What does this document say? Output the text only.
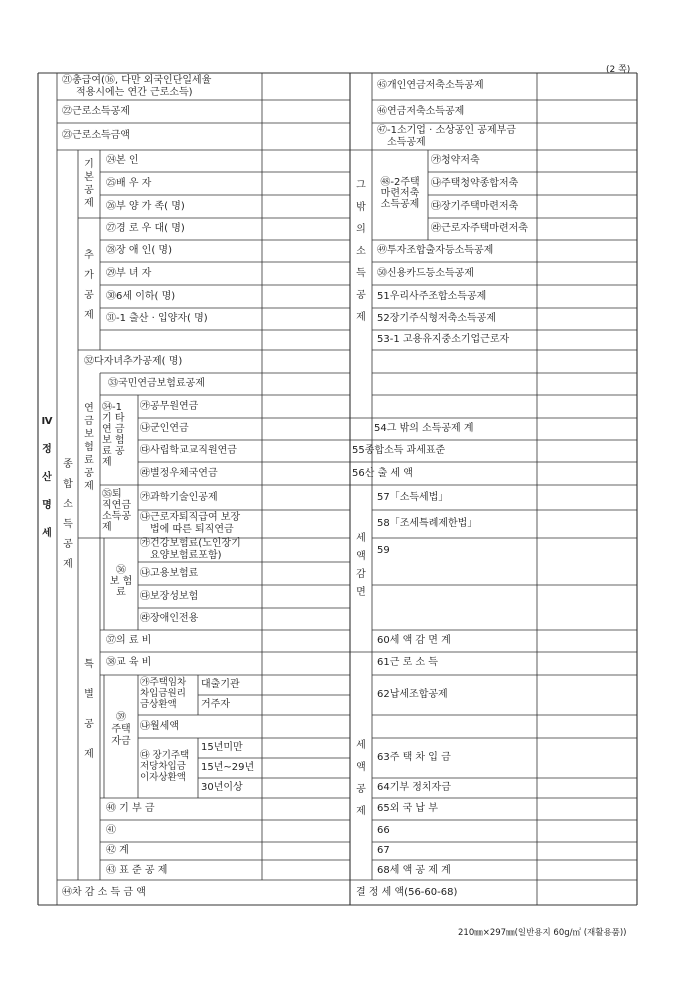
(2 쪽)
210㎜×297㎜(일반용지 60g/㎡ (재활용품))
Ⅳ
정
산
명
세
㉑총급여(⑯, 다만 외국인단일세율
적용시에는 연간 근로소득)
㉒근로소득공제
㉓근로소득금액
종
합
소
득
공
제
기
본
공
제
㉔본 인
㉕배 우 자
㉖부 양 가 족( 명)
추
가
공
제
㉗경 로 우 대( 명)
㉘장 애 인( 명)
㉙부 녀 자
㉚6세 이하( 명)
㉛-1 출산 · 입양자( 명)
㉜다자녀추가공제( 명)
연
금
보
험
료
공
제
㉝국민연금보험료공제
㉞-1
기 타
연 금
보 험
료 공
제
㉮공무원연금
㉯군인연금
㉰사립학교교직원연금
㉱별정우체국연금
㉟퇴
직연금
소득공
제
㉮과학기술인공제
㉯근로자퇴직급여 보장
법에 따른 퇴직연금
특
별
공
제
㊱
보 험
료
㉮건강보험료(노인장기
요양보험료포함)
㉯고용보험료
㉰보장성보험
㉱장애인전용
㊲의 료 비
㊳교 육 비
㊴
주택
자금
㉮주택임차
차입금원리
금상환액
대출기관
거주자
㉯월세액
㉰ 장기주택
저당차입금
이자상환액
15년미만
15년~29년
30년이상
㊵ 기 부 금
㊶
㊷ 계
㊸ 표 준 공 제
㊹차 감 소 득 금 액
그
밖
의
소
득
공
제
㊺개인연금저축소득공제
㊻연금저축소득공제
㊼-1소기업 · 소상공인 공제부금
소득공제
㊽-2주택
마련저축
소득공제
㉮청약저축
㉯주택청약종합저축
㉰장기주택마련저축
㉱근로자주택마련저축
㊾투자조합출자등소득공제
㊿신용카드등소득공제
51우리사주조합소득공제
52장기주식형저축소득공제
53-1 고용유지중소기업근로자
54그 밖의 소득공제 계
55종합소득 과세표준
56산 출 세 액
세
액
감
면
57「소득세법」
58「조세특례제한법」
59
60세 액 감 면 계
세
액
공
제
61근 로 소 득
62납세조합공제
63주 택 차 입 금
64기부 정치자금
65외 국 납 부
66
67
68세 액 공 제 계
결 정 세 액(56-60-68)
